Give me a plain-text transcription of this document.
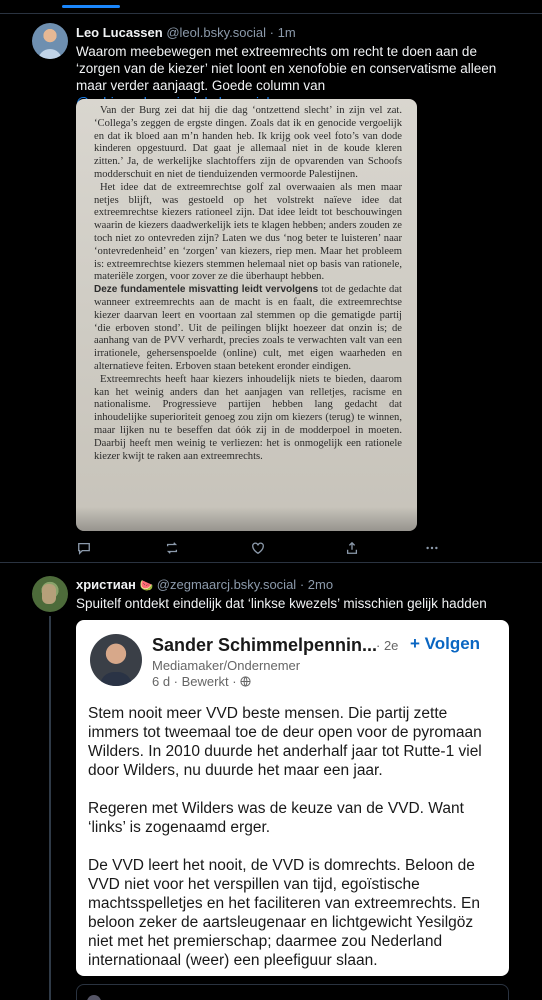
Leo Lucassen @leol.bsky.social · 1m
Waarom meebewegen met extreemrechts om recht te doen aan de ‘zorgen van de kiezer’ niet loont en xenofobie en conservatisme alleen maar verder aanjaagt. Goede column van

Van der Burg zei dat hij die dag ‘ontzettend slecht’ in zijn vel zat. ‘Collega’s zeggen de ergste dingen. Zoals dat ik en genocide vergoelijk en dat ik bloed aan m’n handen heb. Ik krijg ook veel foto’s van dode kinderen opgestuurd. Dat gaat je allemaal niet in de koude kleren zitten.’ Ja, de werkelijke slachtoffers zijn de opvarenden van Schoofs modderschuit en niet de tienduizenden vermoorde Palestijnen.

Het idee dat de extreemrechtse golf zal overwaaien als men maar netjes blijft, was gestoeld op het volstrekt naïeve idee dat extreemrechtse kiezers rationeel zijn. Dat idee leidt tot beschouwingen waarin de kiezers daadwerkelijk iets te klagen hebben; anders zouden ze toch niet zo ontevreden zijn? Laten we dus ‘nog beter te luisteren’ naar ‘ontevredenheid’ en ‘zorgen’ van kiezers, riep men. Maar het probleem is: extreemrechtse kiezers stemmen helemaal niet op basis van rationele, materiële zorgen, voor zover ze die überhaupt hebben.

Deze fundamentele misvatting leidt vervolgens tot de gedachte dat wanneer extreemrechts aan de macht is en faalt, die extreemrechtse kiezer daarvan leert en voortaan zal stemmen op die gematigde partij ‘die erboven stond’. Uit de peilingen blijkt hoezeer dat onzin is; de aanhang van de PVV verhardt, precies zoals te verwachten valt van een irrationele, gehersenspoelde (online) cult, met eigen waarheden en alternatieve feiten. Erboven staan betekent eronder eindigen.

Extreemrechts heeft haar kiezers inhoudelijk niets te bieden, daarom kan het weinig anders dan het aanjagen van relletjes, racisme en nationalisme. Progressieve partijen hebben lang gedacht dat inhoudelijke superioriteit genoeg zou zijn om kiezers (terug) te winnen, maar lijken nu te beseffen dat óók zij in de modderpoel in moeten. Daarbij heeft men weinig te verliezen: het is onmogelijk een rationele kiezer kwijt te raken aan extreemrechts.

христиан 🍉 @zegmaarcj.bsky.social · 2mo
Spuitelf ontdekt eindelijk dat ‘linkse kwezels’ misschien gelijk hadden
Sander Schimmelpennin...
· 2e + Volgen
Mediamaker/Ondernemer
6 d · Bewerkt ·

Stem nooit meer VVD beste mensen. Die partij zette immers tot tweemaal toe de deur open voor de pyromaan Wilders. In 2010 duurde het anderhalf jaar tot Rutte-1 viel door Wilders, nu duurde het maar een jaar.

Regeren met Wilders was de keuze van de VVD. Want ‘links’ is zogenaamd erger.

De VVD leert het nooit, de VVD is domrechts. Beloon de VVD niet voor het verspillen van tijd, egoïstische machtsspelletjes en het faciliteren van extreemrechts. En beloon zeker de aartsleugenaar en lichtgewicht Yesilgöz niet met het premierschap; daarmee zou Nederland internationaal (weer) een pleefiguur slaan.
